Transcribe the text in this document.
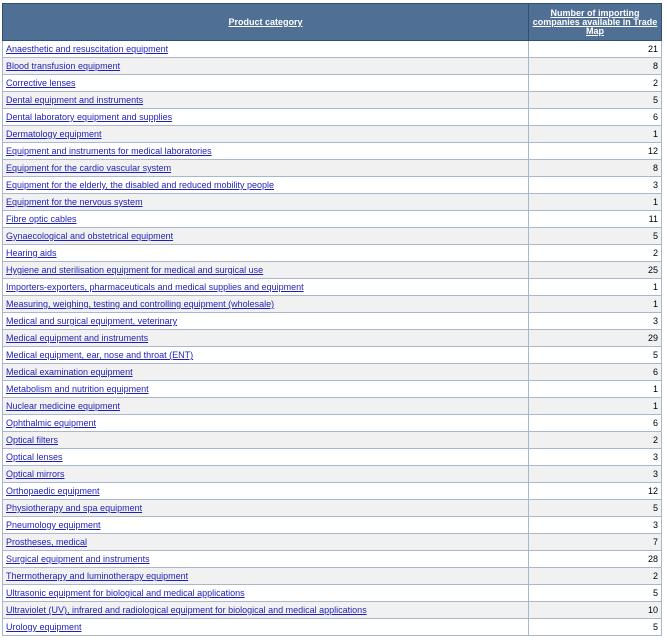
Product category	Number of importing companies available in Trade Map
Anaesthetic and resuscitation equipment	21
Blood transfusion equipment	8
Corrective lenses	2
Dental equipment and instruments	5
Dental laboratory equipment and supplies	6
Dermatology equipment	1
Equipment and instruments for medical laboratories	12
Equipment for the cardio vascular system	8
Equipment for the elderly, the disabled and reduced mobility people	3
Equipment for the nervous system	1
Fibre optic cables	11
Gynaecological and obstetrical equipment	5
Hearing aids	2
Hygiene and sterilisation equipment for medical and surgical use	25
Importers-exporters, pharmaceuticals and medical supplies and equipment	1
Measuring, weighing, testing and controlling equipment (wholesale)	1
Medical and surgical equipment, veterinary	3
Medical equipment and instruments	29
Medical equipment, ear, nose and throat (ENT)	5
Medical examination equipment	6
Metabolism and nutrition equipment	1
Nuclear medicine equipment	1
Ophthalmic equipment	6
Optical filters	2
Optical lenses	3
Optical mirrors	3
Orthopaedic equipment	12
Physiotherapy and spa equipment	5
Pneumology equipment	3
Prostheses, medical	7
Surgical equipment and instruments	28
Thermotherapy and luminotherapy equipment	2
Ultrasonic equipment for biological and medical applications	5
Ultraviolet (UV), infrared and radiological equipment for biological and medical applications	10
Urology equipment	5
